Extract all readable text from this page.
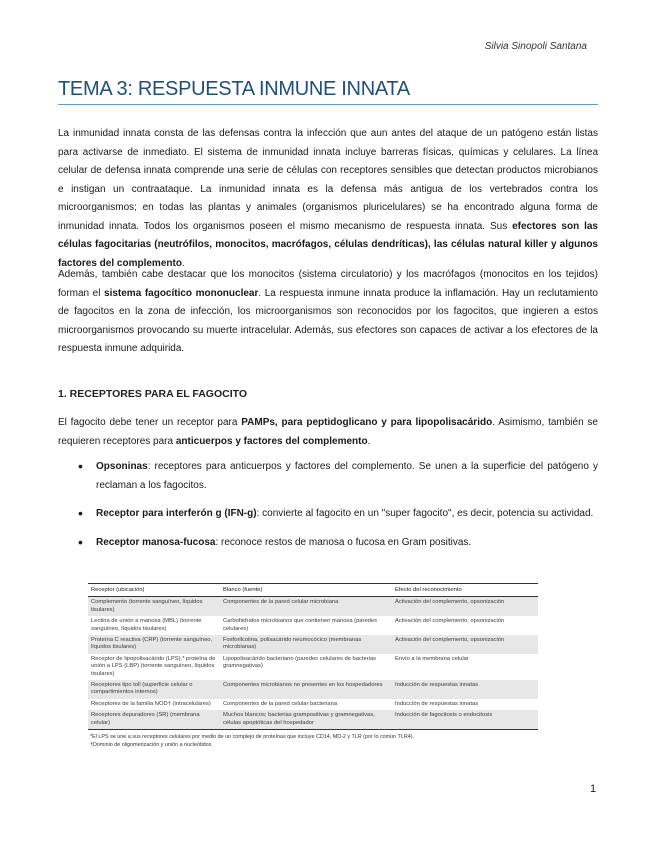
Silvia Sinopoli Santana
TEMA 3: RESPUESTA INMUNE INNATA

La inmunidad innata consta de las defensas contra la infección que aun antes del ataque de un patógeno están listas para activarse de inmediato. El sistema de inmunidad innata incluye barreras físicas, químicas y celulares. La línea celular de defensa innata comprende una serie de células con receptores sensibles que detectan productos microbianos e instigan un contraataque. La inmunidad innata es la defensa más antigua de los vertebrados contra los microorganismos; en todas las plantas y animales (organismos pluricelulares) se ha encontrado alguna forma de inmunidad innata. Todos los organismos poseen el mismo mecanismo de respuesta innata. Sus efectores son las células fagocitarias (neutrófilos, monocitos, macrófagos, células dendríticas), las células natural killer y algunos factores del complemento.

Además, también cabe destacar que los monocitos (sistema circulatorio) y los macrófagos (monocitos en los tejidos) forman el sistema fagocítico mononuclear. La respuesta inmune innata produce la inflamación. Hay un reclutamiento de fagocitos en la zona de infección, los microorganismos son reconocidos por los fagocitos, que ingieren a estos microorganismos provocando su muerte intracelular. Además, sus efectores son capaces de activar a los efectores de la respuesta inmune adquirida.

1. RECEPTORES PARA EL FAGOCITO

El fagocito debe tener un receptor para PAMPs, para peptidoglicano y para lipopolisacárido. Asimismo, también se requieren receptores para anticuerpos y factores del complemento.

• Opsoninas: receptores para anticuerpos y factores del complemento. Se unen a la superficie del patógeno y reclaman a los fagocitos.
• Receptor para interferón g (IFN-g): convierte al fagocito en un "super fagocito", es decir, potencia su actividad.
• Receptor manosa-fucosa: reconoce restos de manosa o fucosa en Gram positivas.
Receptor (ubicación)	Blanco (fuente)	Efecto del reconocimiento
Complemento (torrente sanguíneo, líquidos tisulares)	Componentes de la pared celular microbiana	Activación del complemento, opsonización
Lectina de unión a manosa (MBL) (torrente sanguíneo, líquidos tisulares)	Carbohidratos microbianos que contienen manosa (paredes celulares)	Activación del complemento, opsonización
Proteína C reactiva (CRP) (torrente sanguíneo, líquidos tisulares)	Fosforilcolina, polisacárido neumocócico (membranas microbianas)	Activación del complemento, opsonización
Receptor de lipopolisacárido (LPS),* proteína de unión a LPS (LBP) (torrente sanguíneo, líquidos tisulares)	Lipopolisacárido bacteriano (paredes celulares de bacterias gramnegativas)	Envío a la membrana celular
Receptores tipo toll (superficie celular o compartimientos internos)	Componentes microbianos no presentes en los hospedadores	Inducción de respuestas innatas
Receptores de la familia NOD† (intracelulares)	Componentes de la pared celular bacteriana	Inducción de respuestas innatas
Receptores depuradores (SR) (membrana celular)	Muchos blancos; bacterias grampositivas y gramnegativas, células apoptóticas del hospedador	Inducción de fagocitosis o endocitosis
*El LPS se une a sus receptores celulares por medio de un complejo de proteínas que incluye CD14, MD-2 y TLR (por lo común TLR4).
†Dominio de oligomerización y unión a nucleótidos.
1
